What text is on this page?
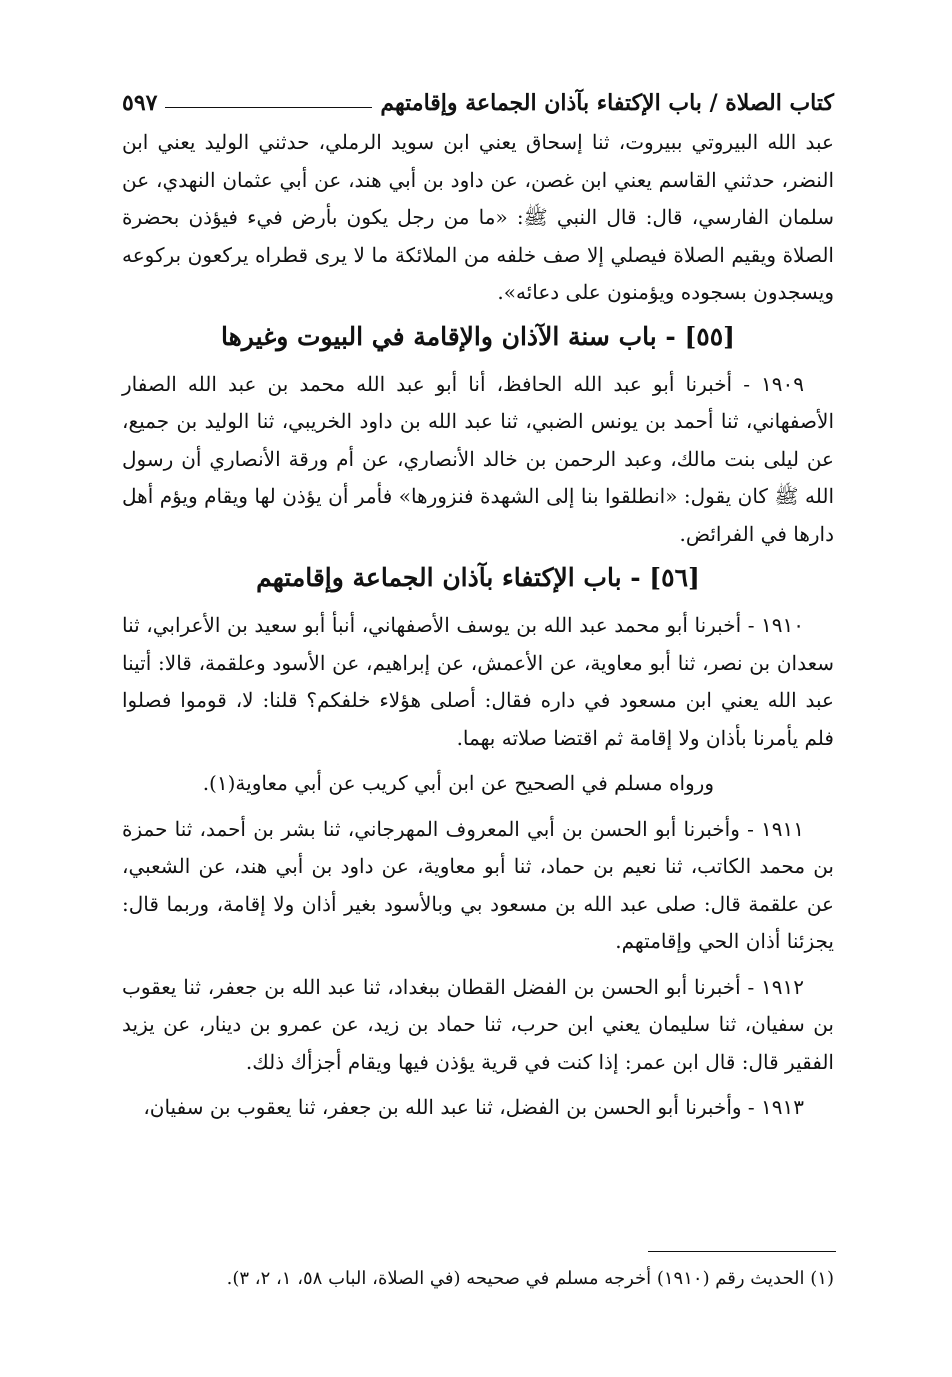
كتاب الصلاة / باب الإكتفاء بآذان الجماعة وإقامتهم
٥٩٧

عبد الله البيروتي ببيروت، ثنا إسحاق يعني ابن سويد الرملي، حدثني الوليد يعني ابن النضر، حدثني القاسم يعني ابن غصن، عن داود بن أبي هند، عن أبي عثمان النهدي، عن سلمان الفارسي، قال: قال النبي ﷺ: «ما من رجل يكون بأرض فيء فيؤذن بحضرة الصلاة ويقيم الصلاة فيصلي إلا صف خلفه من الملائكة ما لا يرى قطراه يركعون بركوعه ويسجدون بسجوده ويؤمنون على دعائه».

[٥٥] - باب سنة الآذان والإقامة في البيوت وغيرها

١٩٠٩ - أخبرنا أبو عبد الله الحافظ، أنا أبو عبد الله محمد بن عبد الله الصفار الأصفهاني، ثنا أحمد بن يونس الضبي، ثنا عبد الله بن داود الخريبي، ثنا الوليد بن جميع، عن ليلى بنت مالك، وعبد الرحمن بن خالد الأنصاري، عن أم ورقة الأنصاري أن رسول الله ﷺ كان يقول: «انطلقوا بنا إلى الشهدة فنزورها» فأمر أن يؤذن لها ويقام ويؤم أهل دارها في الفرائض.

[٥٦] - باب الإكتفاء بآذان الجماعة وإقامتهم

١٩١٠ - أخبرنا أبو محمد عبد الله بن يوسف الأصفهاني، أنبأ أبو سعيد بن الأعرابي، ثنا سعدان بن نصر، ثنا أبو معاوية، عن الأعمش، عن إبراهيم، عن الأسود وعلقمة، قالا: أتينا عبد الله يعني ابن مسعود في داره فقال: أصلى هؤلاء خلفكم؟ قلنا: لا، قوموا فصلوا فلم يأمرنا بأذان ولا إقامة ثم اقتضا صلاته بهما.

ورواه مسلم في الصحيح عن ابن أبي كريب عن أبي معاوية(١).

١٩١١ - وأخبرنا أبو الحسن بن أبي المعروف المهرجاني، ثنا بشر بن أحمد، ثنا حمزة بن محمد الكاتب، ثنا نعيم بن حماد، ثنا أبو معاوية، عن داود بن أبي هند، عن الشعبي، عن علقمة قال: صلى عبد الله بن مسعود بي وبالأسود بغير أذان ولا إقامة، وربما قال: يجزئنا أذان الحي وإقامتهم.

١٩١٢ - أخبرنا أبو الحسن بن الفضل القطان ببغداد، ثنا عبد الله بن جعفر، ثنا يعقوب بن سفيان، ثنا سليمان يعني ابن حرب، ثنا حماد بن زيد، عن عمرو بن دينار، عن يزيد الفقير قال: قال ابن عمر: إذا كنت في قرية يؤذن فيها ويقام أجزأك ذلك.

١٩١٣ - وأخبرنا أبو الحسن بن الفضل، ثنا عبد الله بن جعفر، ثنا يعقوب بن سفيان،

(١) الحديث رقم (١٩١٠) أخرجه مسلم في صحيحه (في الصلاة، الباب ٥٨، ١، ٢، ٣).
